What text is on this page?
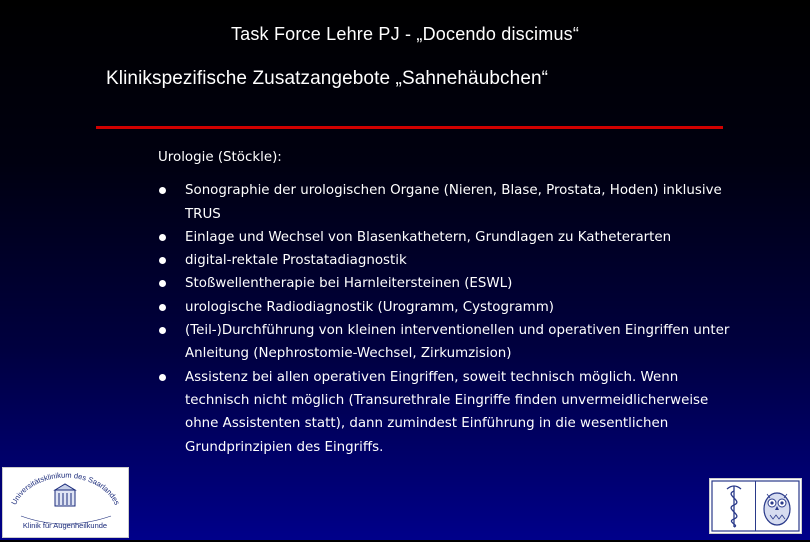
Task Force Lehre PJ - „Docendo discimus“
Klinikspezifische Zusatzangebote „Sahnehäubchen“
Urologie (Stöckle):
Sonographie der urologischen Organe (Nieren, Blase, Prostata, Hoden) inklusive TRUS
Einlage und Wechsel von Blasenkathetern, Grundlagen zu Katheterarten
digital-rektale Prostatadiagnostik
Stoßwellentherapie bei Harnleitersteinen (ESWL)
urologische Radiodiagnostik (Urogramm, Cystogramm)
(Teil-)Durchführung von kleinen interventionellen und operativen Eingriffen unter Anleitung (Nephrostomie-Wechsel, Zirkumzision)
Assistenz bei allen operativen Eingriffen, soweit technisch möglich. Wenn technisch nicht möglich (Transurethrale Eingriffe finden unvermeidlicherweise ohne Assistenten statt), dann zumindest Einführung in die wesentlichen Grundprinzipien des Eingriffs.
Universitätsklinikum des Saarlandes
Klinik für Augenheilkunde
